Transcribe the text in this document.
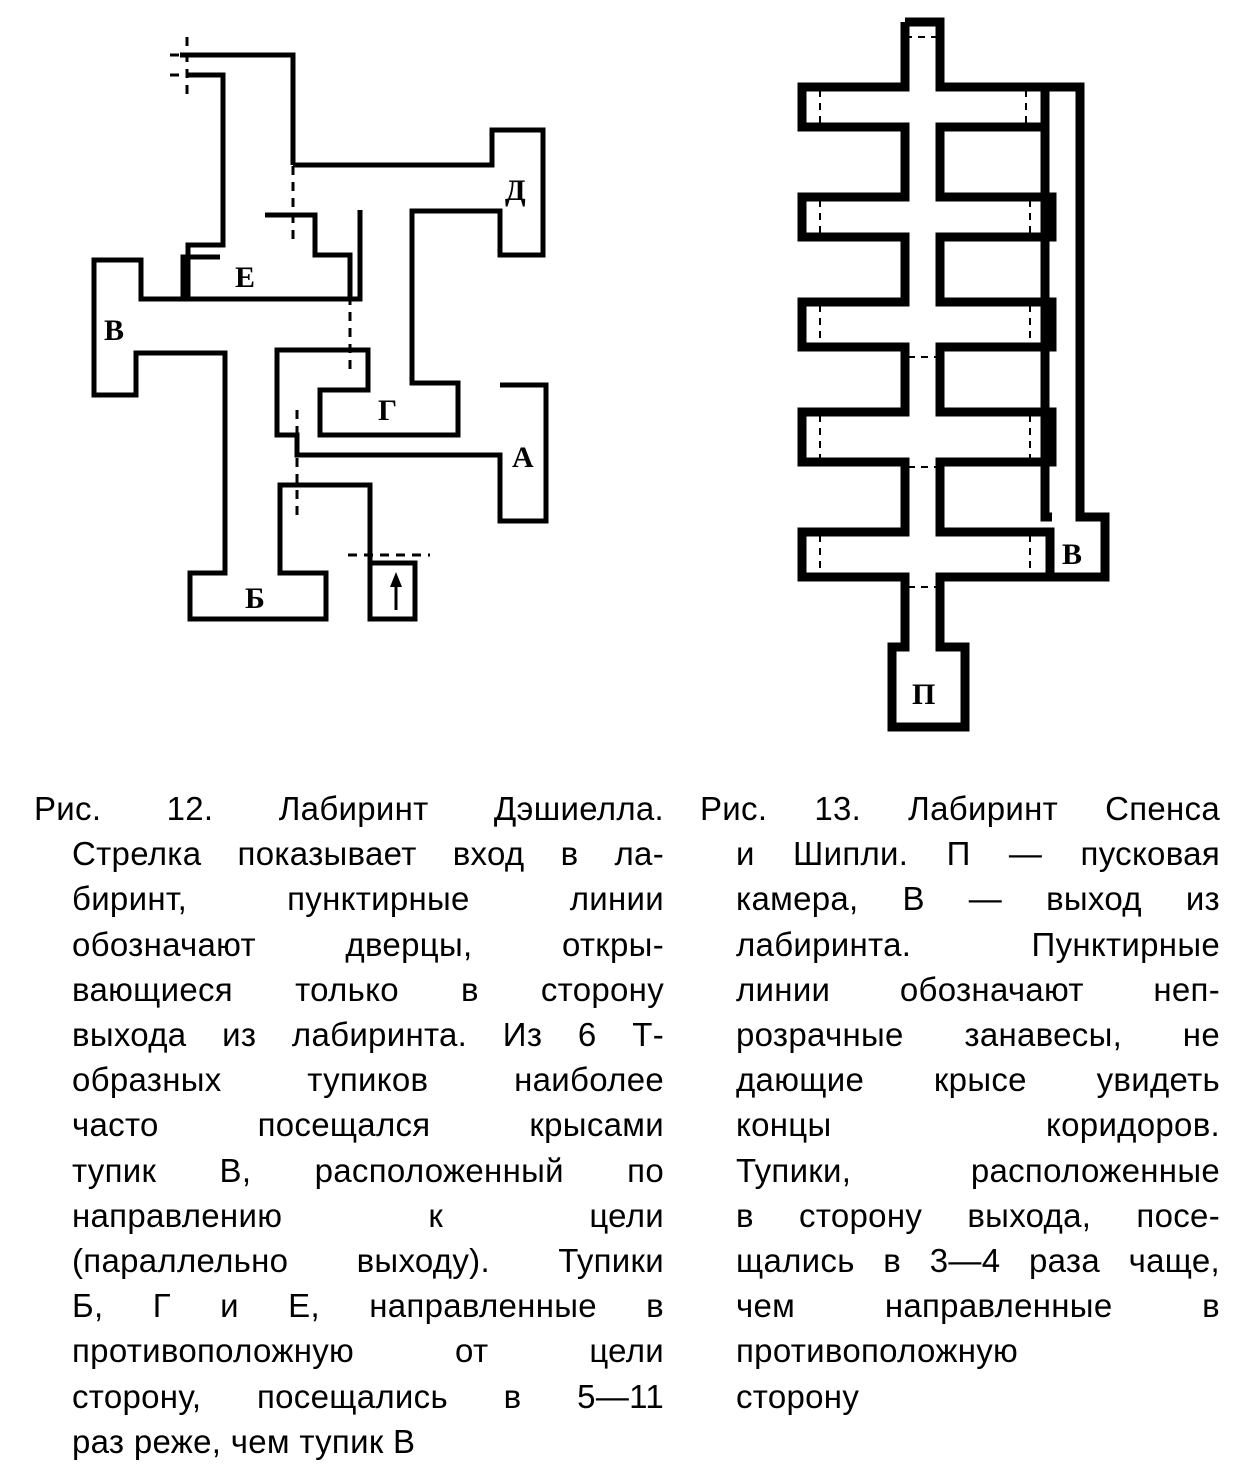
Е
В
Д
Г
А
Б
В
П
Рис. 12. Лабиринт Дэшиелла.
Стрелка показывает вход в ла-
биринт, пунктирные линии
обозначают дверцы, откры-
вающиеся только в сторону
выхода из лабиринта. Из 6 Т-
образных тупиков наиболее
часто посещался крысами
тупик В, расположенный по
направлению к цели
(параллельно выходу). Тупики
Б, Г и Е, направленные в
противоположную от цели
сторону, посещались в 5—11
раз реже, чем тупик В
Рис. 13. Лабиринт Спенса
и Шипли. П — пусковая
камера, В — выход из
лабиринта. Пунктирные
линии обозначают неп-
розрачные занавесы, не
дающие крысе увидеть
концы коридоров.
Тупики, расположенные
в сторону выхода, посе-
щались в 3—4 раза чаще,
чем направленные в
противоположную
сторону
